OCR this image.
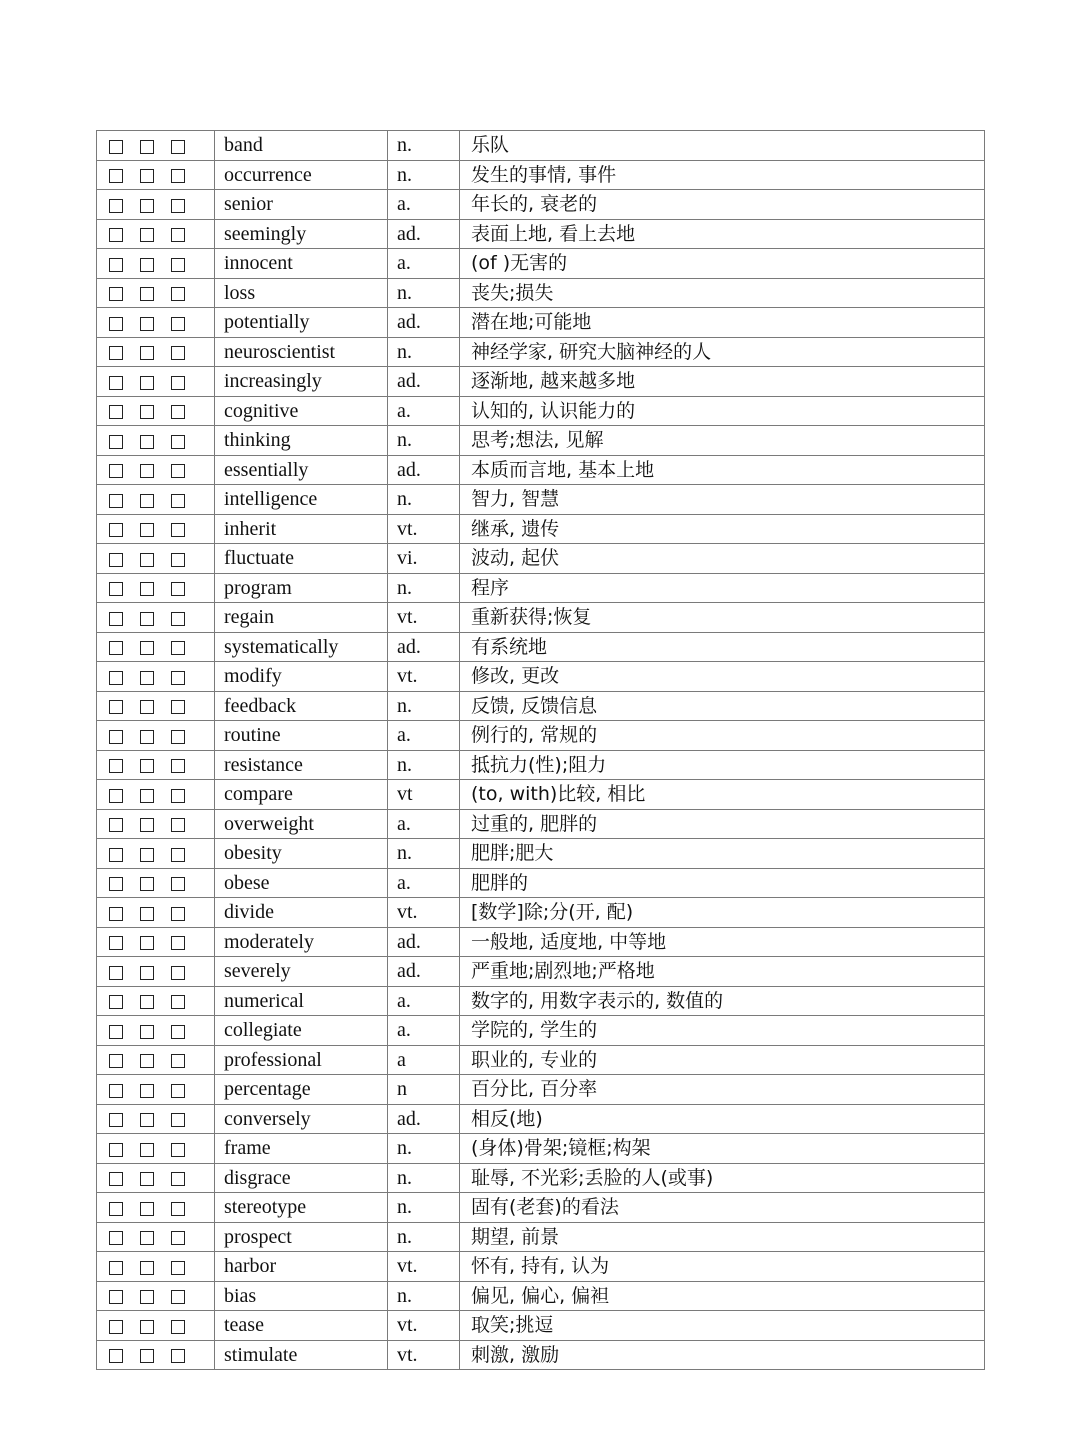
	band	n.	乐队
	occurrence	n.	发生的事情, 事件
	senior	a.	年长的, 衰老的
	seemingly	ad.	表面上地, 看上去地
	innocent	a.	(of )无害的
	loss	n.	丧失;损失
	potentially	ad.	潜在地;可能地
	neuroscientist	n.	神经学家, 研究大脑神经的人
	increasingly	ad.	逐渐地, 越来越多地
	cognitive	a.	认知的, 认识能力的
	thinking	n.	思考;想法, 见解
	essentially	ad.	本质而言地, 基本上地
	intelligence	n.	智力, 智慧
	inherit	vt.	继承, 遗传
	fluctuate	vi.	波动, 起伏
	program	n.	程序
	regain	vt.	重新获得;恢复
	systematically	ad.	有系统地
	modify	vt.	修改, 更改
	feedback	n.	反馈, 反馈信息
	routine	a.	例行的, 常规的
	resistance	n.	抵抗力(性);阻力
	compare	vt	(to, with)比较, 相比
	overweight	a.	过重的, 肥胖的
	obesity	n.	肥胖;肥大
	obese	a.	肥胖的
	divide	vt.	[数学]除;分(开, 配)
	moderately	ad.	一般地, 适度地, 中等地
	severely	ad.	严重地;剧烈地;严格地
	numerical	a.	数字的, 用数字表示的, 数值的
	collegiate	a.	学院的, 学生的
	professional	a	职业的, 专业的
	percentage	n	百分比, 百分率
	conversely	ad.	相反(地)
	frame	n.	(身体)骨架;镜框;构架
	disgrace	n.	耻辱, 不光彩;丢脸的人(或事)
	stereotype	n.	固有(老套)的看法
	prospect	n.	期望, 前景
	harbor	vt.	怀有, 持有, 认为
	bias	n.	偏见, 偏心, 偏袒
	tease	vt.	取笑;挑逗
	stimulate	vt.	刺激, 激励
